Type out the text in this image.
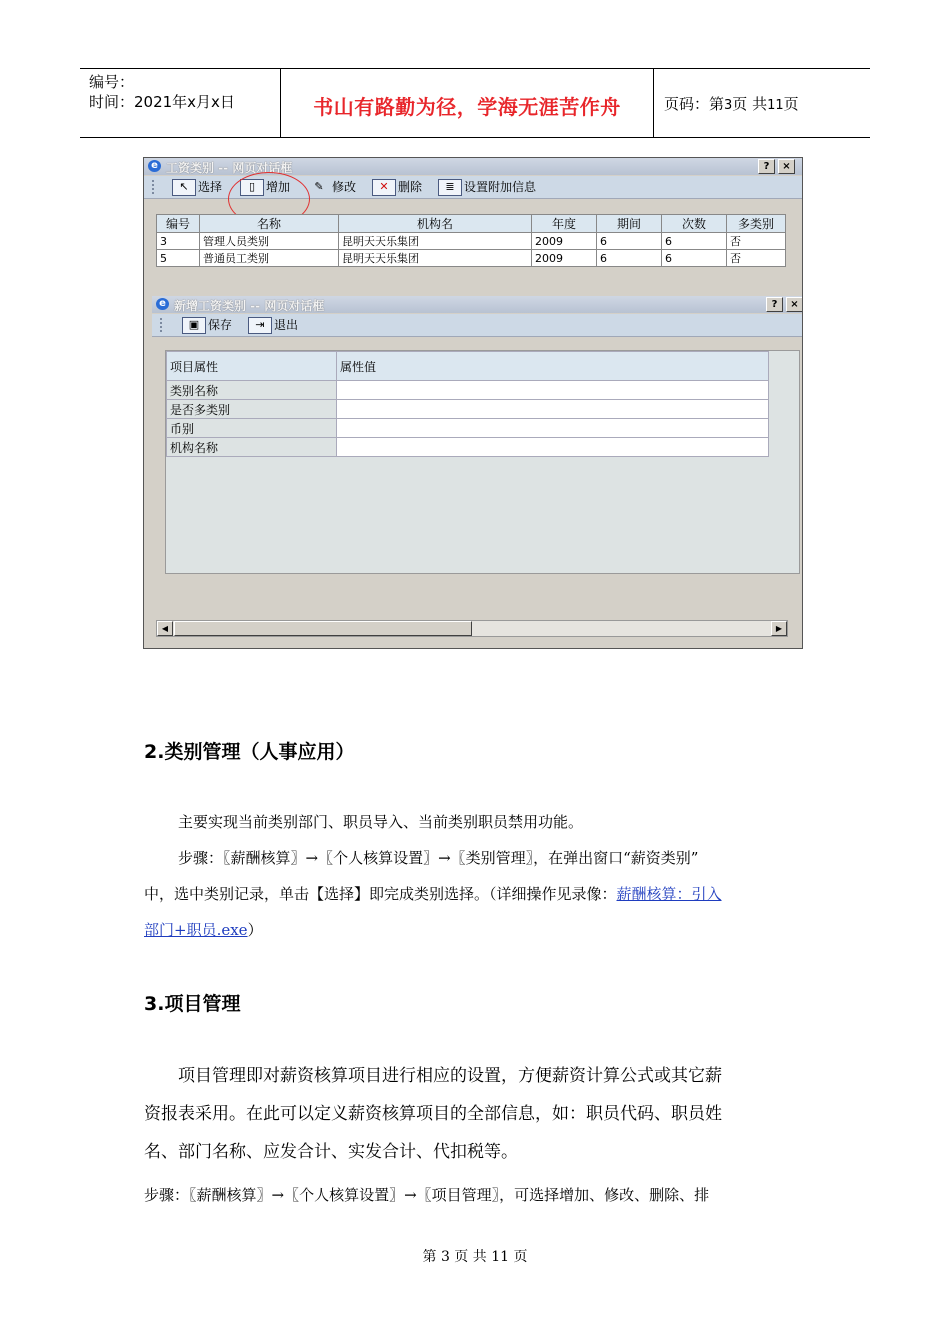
编号：
时间：2021年x月x日	书山有路勤为径，学海无涯苦作舟	页码：第3页 共11页
e 工资类别 -- 网页对话框	?	×
↖ 选择	▯ 增加	✎ 修改	✕ 删除	≣ 设置附加信息
编号	名称	机构名	年度	期间	次数	多类别
3	管理人员类别	昆明天天乐集团	2009	6	6	否
5	普通员工类别	昆明天天乐集团	2009	6	6	否
e 新增工资类别 -- 网页对话框	?	×
▣ 保存	⇥ 退出
项目属性	属性值
类别名称	
是否多类别	
币别	
机构名称	
◀	▶
2.类别管理（人事应用）
主要实现当前类别部门、职员导入、当前类别职员禁用功能。
步骤：〖薪酬核算〗→〖个人核算设置〗→〖类别管理〗，在弹出窗口“薪资类别”
中，选中类别记录，单击【选择】即完成类别选择。（详细操作见录像：薪酬核算：引入
部门+职员.exe）
3.项目管理
项目管理即对薪资核算项目进行相应的设置，方便薪资计算公式或其它薪
资报表采用。在此可以定义薪资核算项目的全部信息，如：职员代码、职员姓
名、部门名称、应发合计、实发合计、代扣税等。
步骤：〖薪酬核算〗→〖个人核算设置〗→〖项目管理〗，可选择增加、修改、删除、排
第 3 页 共 11 页
